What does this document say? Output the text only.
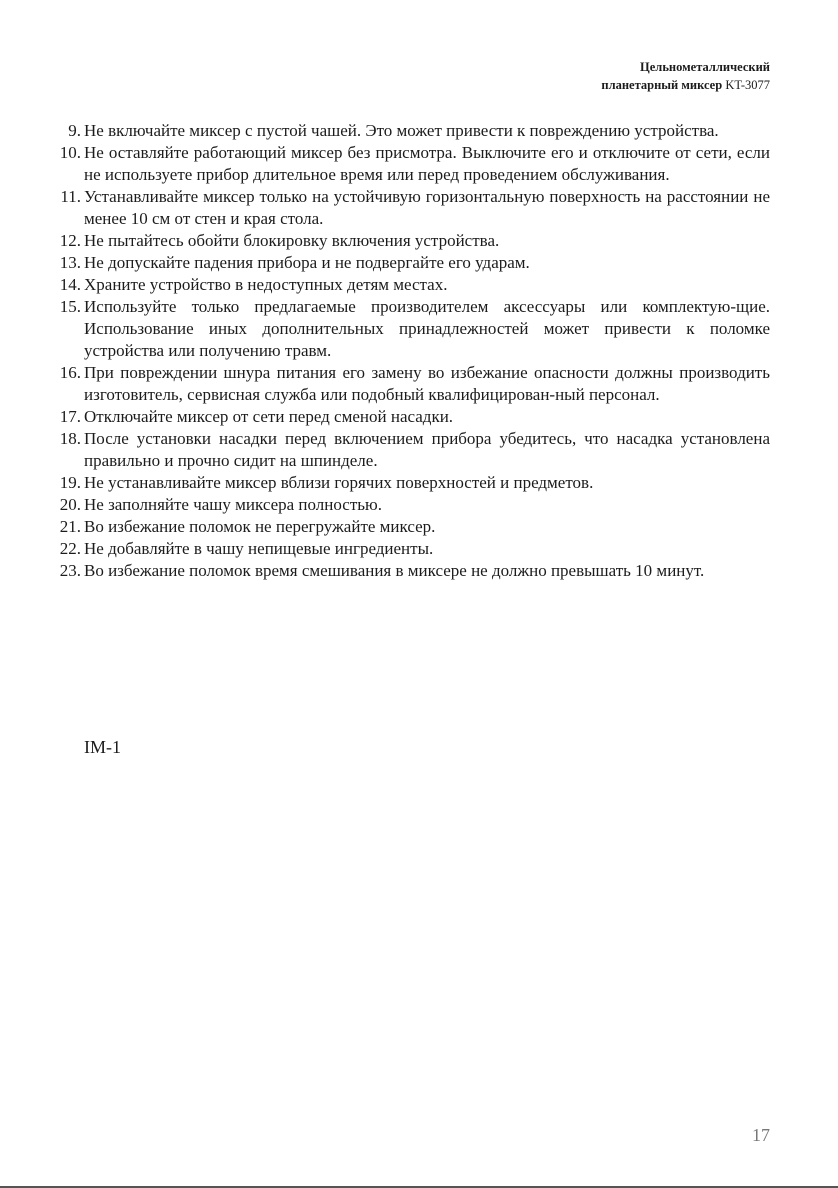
Цельнометаллический
планетарный миксер KT-3077
9. Не включайте миксер с пустой чашей. Это может привести к повреждению устройства.
10. Не оставляйте работающий миксер без присмотра. Выключите его и отключите от сети, если не используете прибор длительное время или перед проведением обслуживания.
11. Устанавливайте миксер только на устойчивую горизонтальную поверхность на расстоянии не менее 10 см от стен и края стола.
12. Не пытайтесь обойти блокировку включения устройства.
13. Не допускайте падения прибора и не подвергайте его ударам.
14. Храните устройство в недоступных детям местах.
15. Используйте только предлагаемые производителем аксессуары или комплектую-щие. Использование иных дополнительных принадлежностей может привести к поломке устройства или получению травм.
16. При повреждении шнура питания его замену во избежание опасности должны производить изготовитель, сервисная служба или подобный квалифицирован-ный персонал.
17. Отключайте миксер от сети перед сменой насадки.
18. После установки насадки перед включением прибора убедитесь, что насадка установлена правильно и прочно сидит на шпинделе.
19. Не устанавливайте миксер вблизи горячих поверхностей и предметов.
20. Не заполняйте чашу миксера полностью.
21. Во избежание поломок не перегружайте миксер.
22. Не добавляйте в чашу непищевые ингредиенты.
23. Во избежание поломок время смешивания в миксере не должно превышать 10 минут.
IM-1
17
